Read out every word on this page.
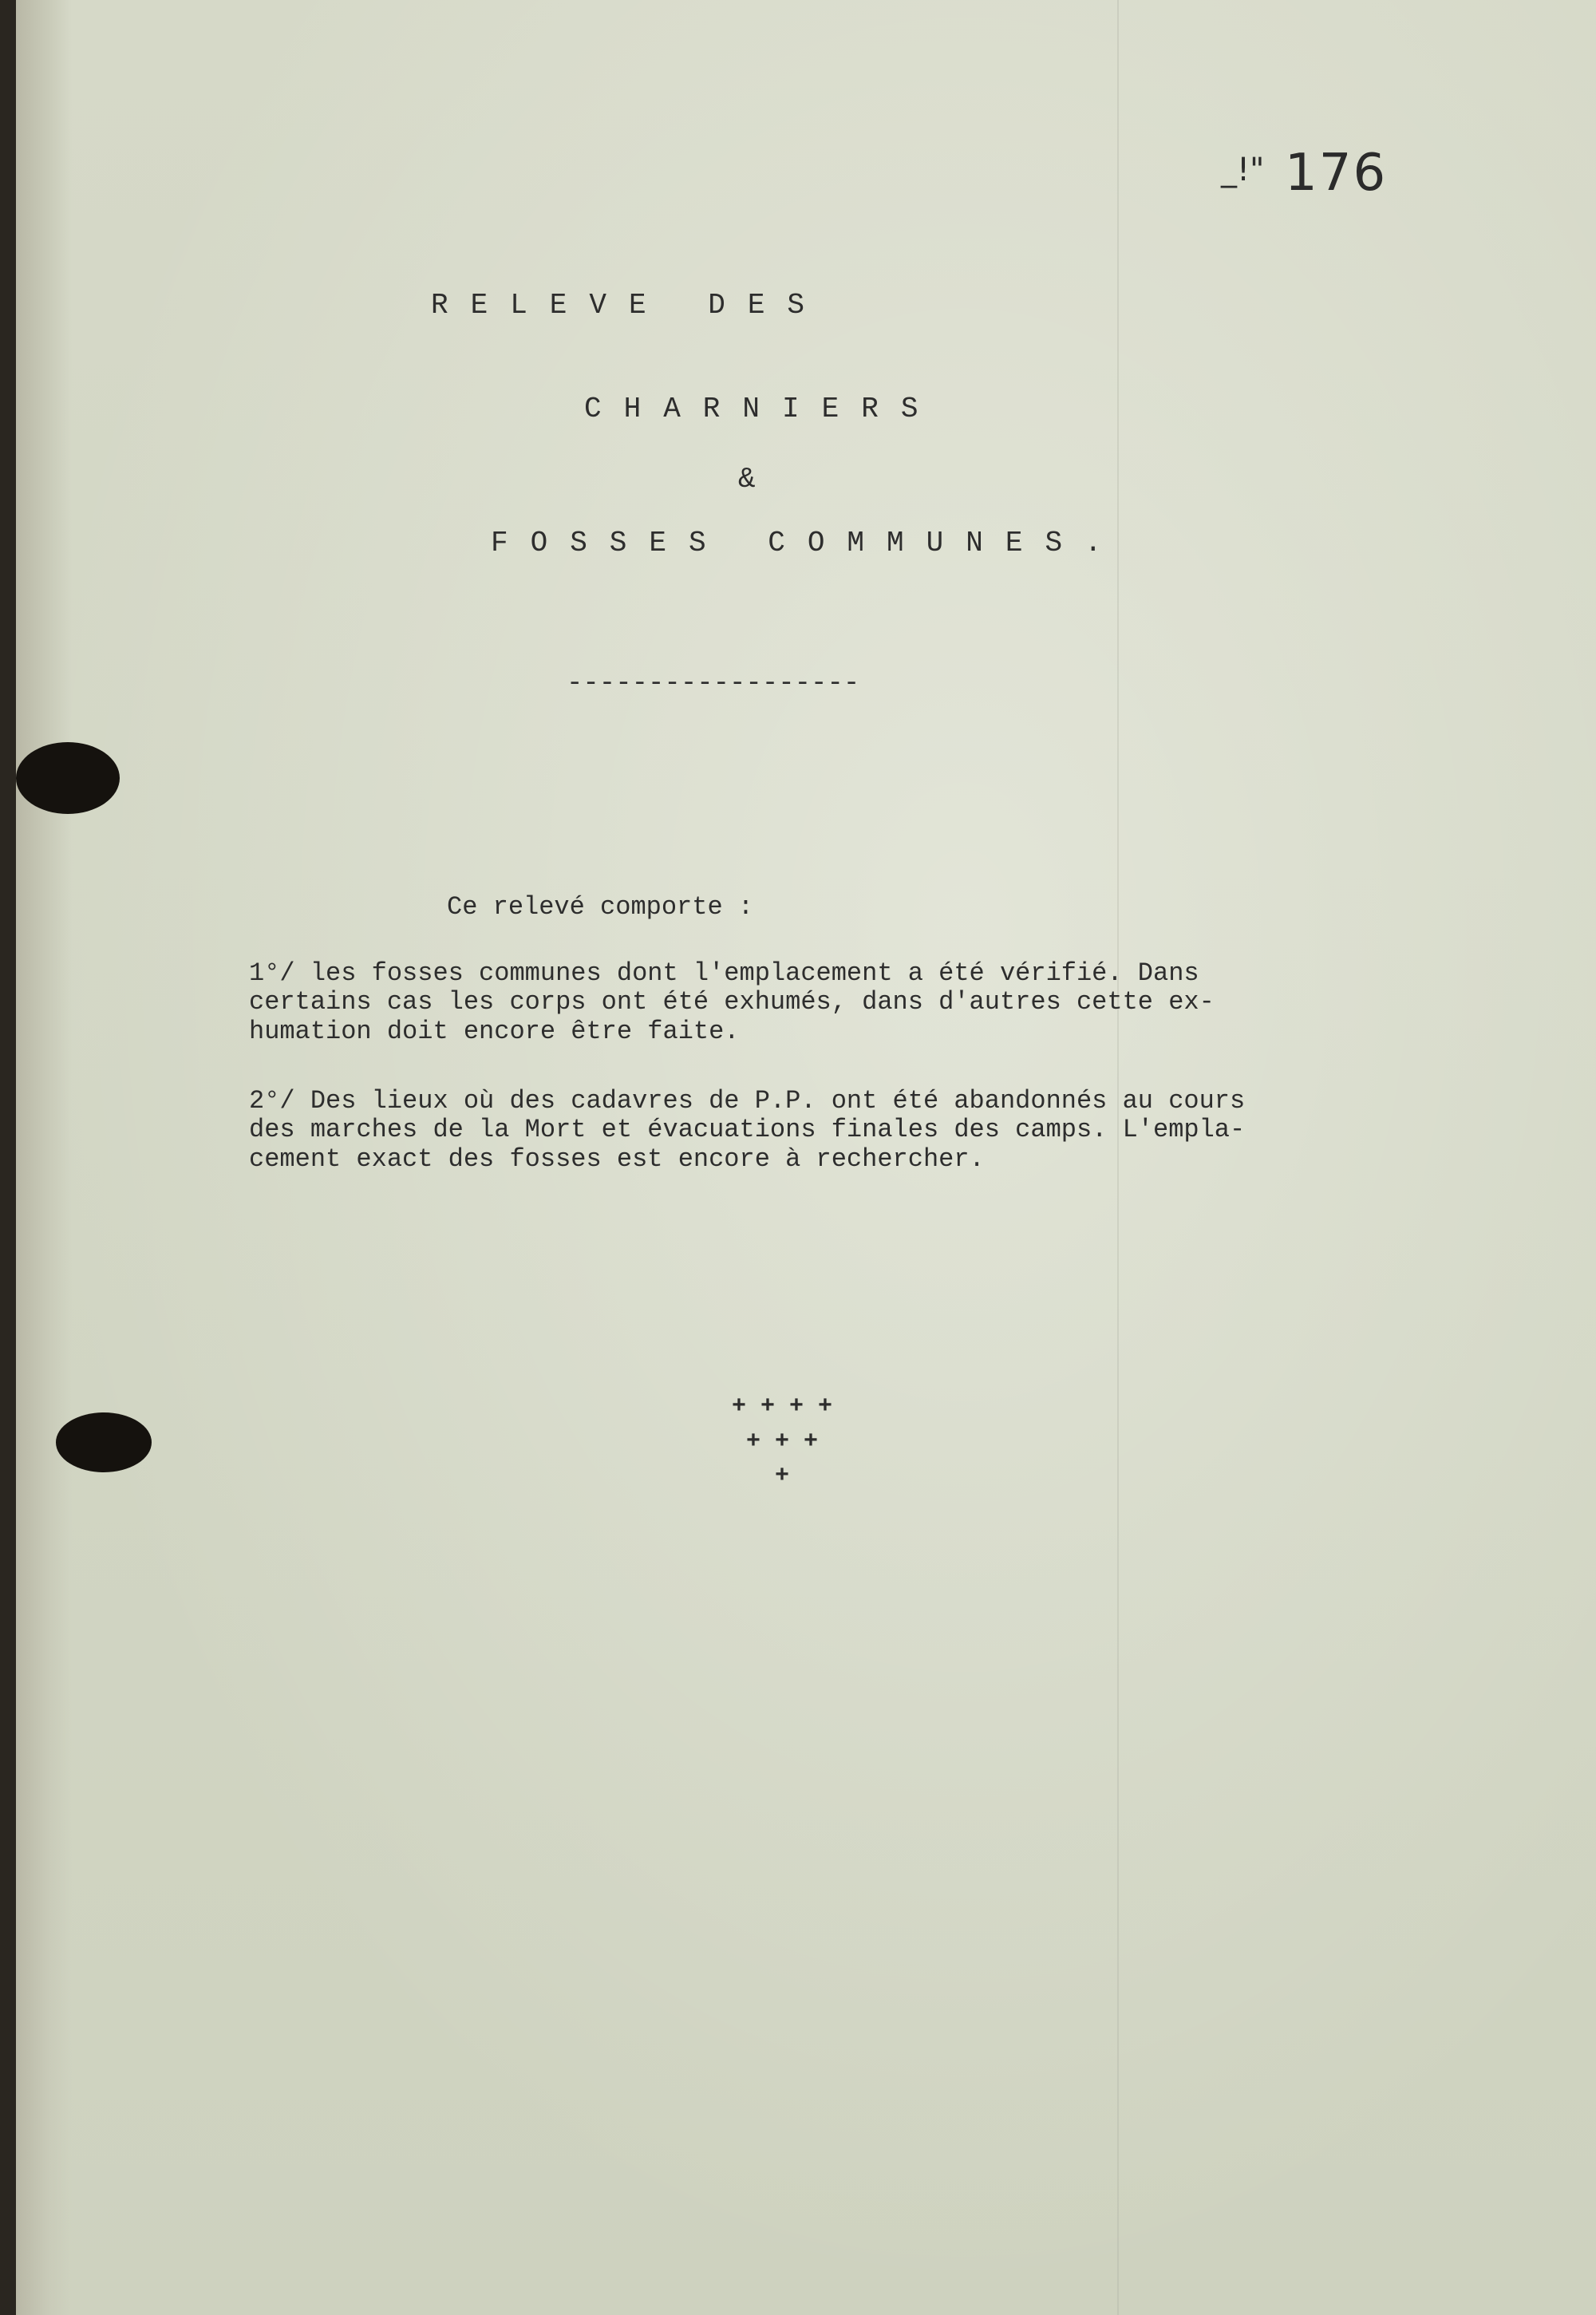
_!" 176
RELEVE DES
CHARNIERS
&
FOSSES COMMUNES.
------------------
Ce relevé comporte :
1°/ les fosses communes dont l'emplacement a été vérifié. Dans
certains cas les corps ont été exhumés, dans d'autres cette ex-
humation doit encore être faite.
2°/ Des lieux où des cadavres de P.P. ont été abandonnés au cours
des marches de la Mort et évacuations finales des camps. L'empla-
cement exact des fosses est encore à rechercher.
+ + + +
+ + +
+
